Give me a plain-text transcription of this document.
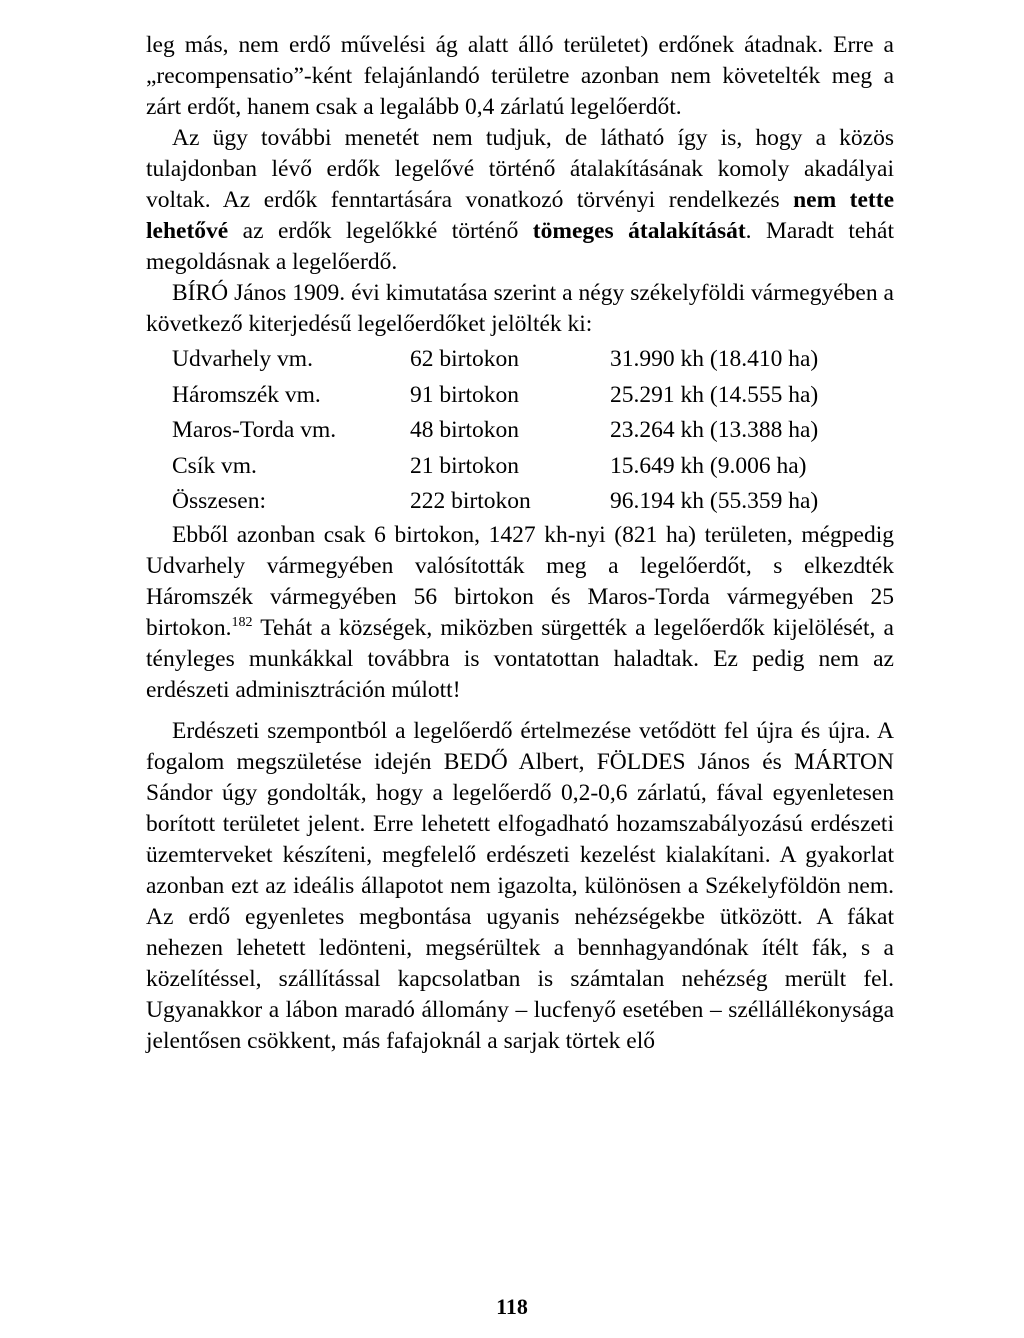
leg más, nem erdő művelési ág alatt álló területet) erdőnek átadnak. Erre a „recompensatio”-ként felajánlandó területre azonban nem követelték meg a zárt erdőt, hanem csak a legalább 0,4 zárlatú legelőerdőt.

Az ügy további menetét nem tudjuk, de látható így is, hogy a közös tulajdonban lévő erdők legelővé történő átalakításának komoly akadályai voltak. Az erdők fenntartására vonatkozó törvényi rendelkezés nem tette lehetővé az erdők legelőkké történő tömeges átalakítását. Maradt tehát megoldásnak a legelőerdő.

BÍRÓ János 1909. évi kimutatása szerint a négy székelyföldi vármegyében a következő kiterjedésű legelőerdőket jelölték ki:

Udvarhely vm.	62 birtokon	31.990 kh (18.410 ha)
Háromszék vm.	91 birtokon	25.291 kh (14.555 ha)
Maros-Torda vm.	48 birtokon	23.264 kh (13.388 ha)
Csík vm.	21 birtokon	15.649 kh (9.006 ha)
Összesen:	222 birtokon	96.194 kh (55.359 ha)

Ebből azonban csak 6 birtokon, 1427 kh-nyi (821 ha) területen, mégpedig Udvarhely vármegyében valósították meg a legelőerdőt, s elkezdték Háromszék vármegyében 56 birtokon és Maros-Torda vármegyében 25 birtokon.$^{182}$ Tehát a községek, miközben sürgették a legelőerdők kijelölését, a tényleges munkákkal továbbra is vontatottan haladtak. Ez pedig nem az erdészeti adminisztráción múlott!

Erdészeti szempontból a legelőerdő értelmezése vetődött fel újra és újra. A fogalom megszületése idején BEDŐ Albert, FÖLDES János és MÁRTON Sándor úgy gondolták, hogy a legelőerdő 0,2-0,6 zárlatú, fával egyenletesen borított területet jelent. Erre lehetett elfogadható hozamszabályozású erdészeti üzemterveket készíteni, megfelelő erdészeti kezelést kialakítani. A gyakorlat azonban ezt az ideális állapotot nem igazolta, különösen a Székelyföldön nem. Az erdő egyenletes megbontása ugyanis nehézségekbe ütközött. A fákat nehezen lehetett ledönteni, megsérültek a bennhagyandónak ítélt fák, s a közelítéssel, szállítással kapcsolatban is számtalan nehézség merült fel. Ugyanakkor a lábon maradó állomány – lucfenyő esetében – széllállékonysága jelentősen csökkent, más fafajoknál a sarjak törtek elő

118
